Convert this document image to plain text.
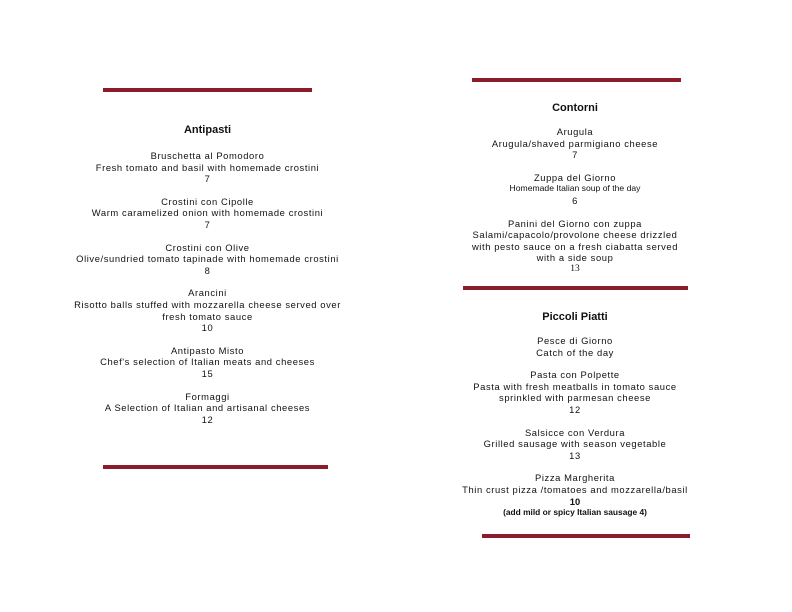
Antipasti
Bruschetta al Pomodoro
Fresh tomato and basil with homemade crostini
7
Crostini con Cipolle
Warm caramelized onion with homemade crostini
7
Crostini con Olive
Olive/sundried tomato tapinade with homemade crostini
8
Arancini
Risotto balls stuffed with mozzarella cheese served over
fresh tomato sauce
10
Antipasto Misto
Chef's selection of Italian meats and cheeses
15
Formaggi
A Selection of Italian and artisanal cheeses
12
Contorni
Arugula
Arugula/shaved parmigiano cheese
7
Zuppa del Giorno
Homemade Italian soup of the day
6
Panini del Giorno con zuppa
Salami/capacolo/provolone cheese drizzled
with pesto sauce on a fresh ciabatta served
with a side soup
13
Piccoli Piatti
Pesce di Giorno
Catch of the day
Pasta con Polpette
Pasta with fresh meatballs in tomato sauce
sprinkled with parmesan cheese
12
Salsicce con Verdura
Grilled sausage with season vegetable
13
Pizza Margherita
Thin crust pizza /tomatoes and mozzarella/basil
10
(add mild or spicy Italian sausage 4)
